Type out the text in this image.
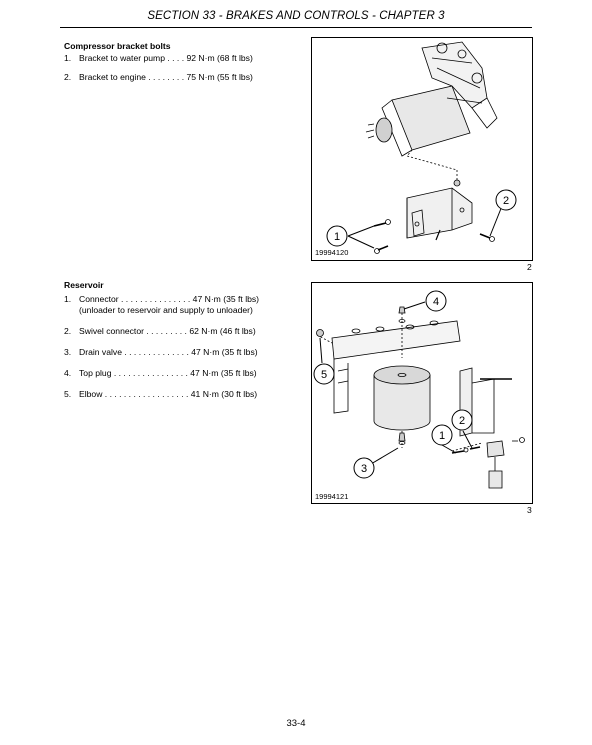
SECTION 33 - BRAKES AND CONTROLS - CHAPTER 3
Compressor bracket bolts
1. Bracket to water pump . . . . 92 N·m (68 ft lbs)
2. Bracket to engine . . . . . . . . 75 N·m (55 ft lbs)
1
2
19994120
2
Reservoir
1. Connector . . . . . . . . . . . . . . . 47 N·m (35 ft lbs)
(unloader to reservoir and supply to unloader)
2. Swivel connector . . . . . . . . . 62 N·m (46 ft lbs)
3. Drain valve . . . . . . . . . . . . . . 47 N·m (35 ft lbs)
4. Top plug . . . . . . . . . . . . . . . . 47 N·m (35 ft lbs)
5. Elbow . . . . . . . . . . . . . . . . . . 41 N·m (30 ft lbs)
4
5
1
2
3
19994121
3
33-4
